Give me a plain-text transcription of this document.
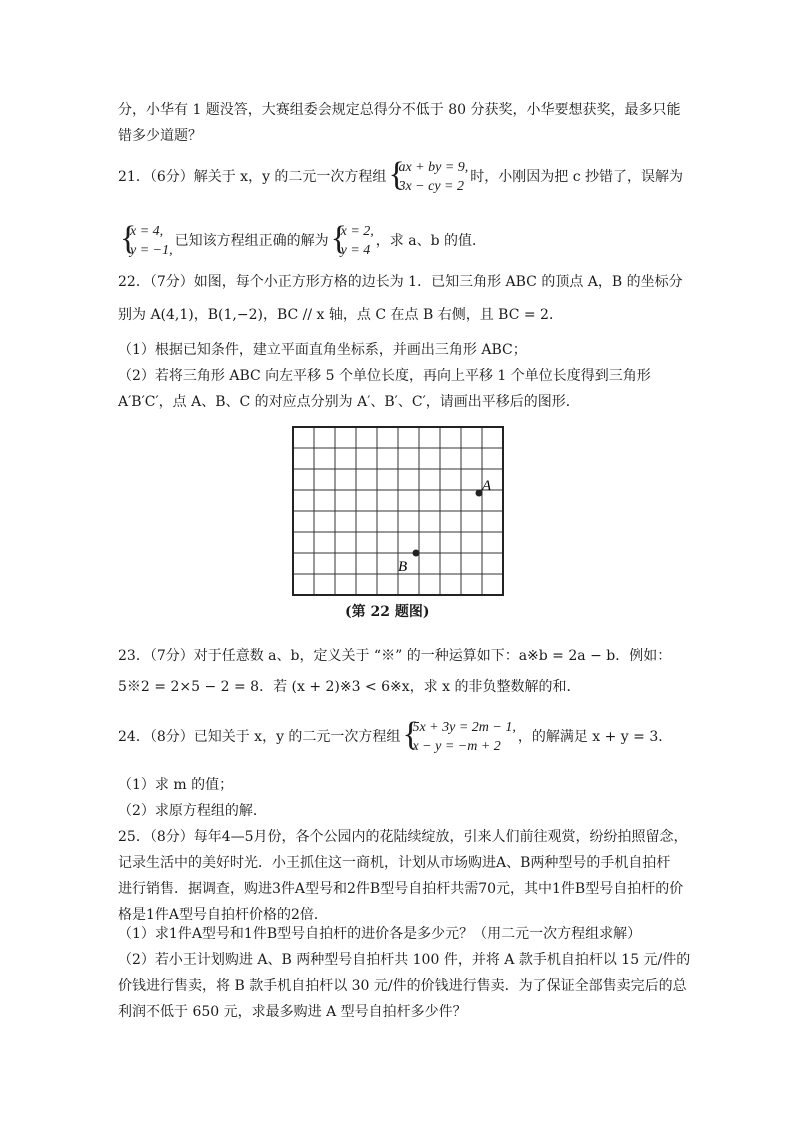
分，小华有 1 题没答，大赛组委会规定总得分不低于 80 分获奖，小华要想获奖，最多只能
错多少道题？
21．（6分）解关于 x，y 的二元一次方程组 {
ax + by = 9,
3x − cy = 2
时，小刚因为把 c 抄错了，误解为
{
x = 4,
y = −1,
已知该方程组正确的解为 {
x = 2,
y = 4
，求 a、b 的值．
22．（7分）如图，每个小正方形方格的边长为 1．已知三角形 ABC 的顶点 A，B 的坐标分
别为 A(4,1)，B(1,−2)，BC // x 轴，点 C 在点 B 右侧，且 BC = 2．
（1）根据已知条件，建立平面直角坐标系，并画出三角形 ABC；
（2）若将三角形 ABC 向左平移 5 个单位长度，再向上平移 1 个单位长度得到三角形
A′B′C′，点 A、B、C 的对应点分别为 A′、B′、C′，请画出平移后的图形．
A
B
(第 22 题图)
23．（7分）对于任意数 a、b，定义关于 “※” 的一种运算如下：a※b = 2a − b．例如：
5※2 = 2×5 − 2 = 8．若 (x + 2)※3 < 6※x，求 x 的非负整数解的和．
24．（8分）已知关于 x，y 的二元一次方程组 {
5x + 3y = 2m − 1,
x − y = −m + 2
，的解满足 x + y = 3．
（1）求 m 的值；
（2）求原方程组的解．
25．（8分）每年4—5月份，各个公园内的花陆续绽放，引来人们前往观赏，纷纷拍照留念，
记录生活中的美好时光．小王抓住这一商机，计划从市场购进A、B两种型号的手机自拍杆
进行销售．据调查，购进3件A型号和2件B型号自拍杆共需70元，其中1件B型号自拍杆的价
格是1件A型号自拍杆价格的2倍．
（1）求1件A型号和1件B型号自拍杆的进价各是多少元？（用二元一次方程组求解）
（2）若小王计划购进 A、B 两种型号自拍杆共 100 件，并将 A 款手机自拍杆以 15 元/件的
价钱进行售卖，将 B 款手机自拍杆以 30 元/件的价钱进行售卖．为了保证全部售卖完后的总
利润不低于 650 元，求最多购进 A 型号自拍杆多少件？
